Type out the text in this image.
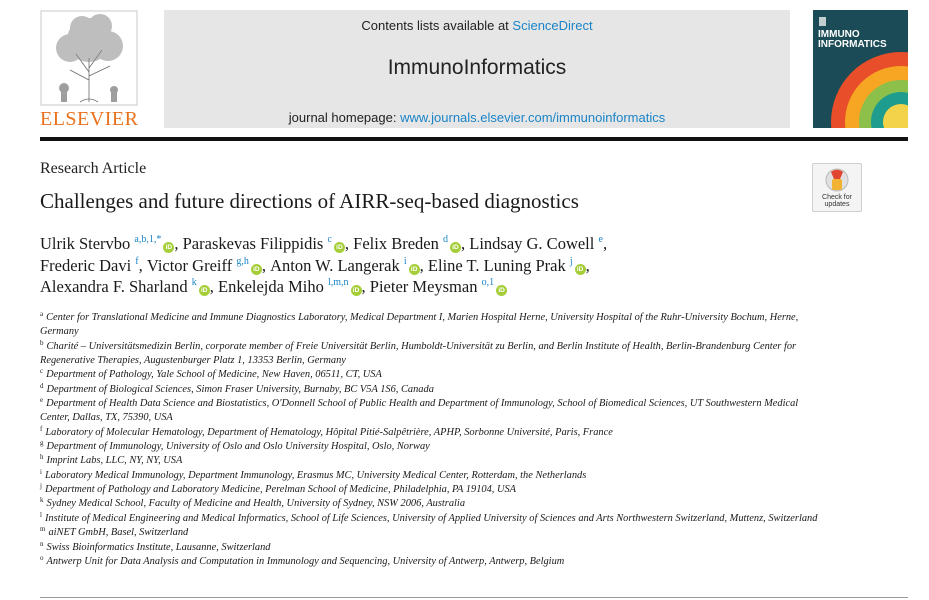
ELSEVIER
Contents lists available at ScienceDirect
ImmunoInformatics
journal homepage: www.journals.elsevier.com/immunoinformatics
IMMUNO
INFORMATICS
Research Article
Check for
updates
Challenges and future directions of AIRR-seq-based diagnostics
Ulrik Stervbo $^{a,b,1,*}$iD , Paraskevas Filippidis $^c$iD , Felix Breden $^d$iD , Lindsay G. Cowell $^e$,
Frederic Davi $^f$, Victor Greiff $^{g,h}$iD , Anton W. Langerak $^i$iD , Eline T. Luning Prak $^j$iD ,
Alexandra F. Sharland $^k$iD , Enkelejda Miho $^{l,m,n}$iD , Pieter Meysman $^{o,1}$iD
$^a$ Center for Translational Medicine and Immune Diagnostics Laboratory, Medical Department I, Marien Hospital Herne, University Hospital of the Ruhr-University Bochum, Herne, Germany
$^b$ Charité – Universitätsmedizin Berlin, corporate member of Freie Universität Berlin, Humboldt-Universität zu Berlin, and Berlin Institute of Health, Berlin-Brandenburg Center for Regenerative Therapies, Augustenburger Platz 1, 13353 Berlin, Germany
$^c$ Department of Pathology, Yale School of Medicine, New Haven, 06511, CT, USA
$^d$ Department of Biological Sciences, Simon Fraser University, Burnaby, BC V5A 1S6, Canada
$^e$ Department of Health Data Science and Biostatistics, O'Donnell School of Public Health and Department of Immunology, School of Biomedical Sciences, UT Southwestern Medical Center, Dallas, TX, 75390, USA
$^f$ Laboratory of Molecular Hematology, Department of Hematology, Hôpital Pitié-Salpêtrière, APHP, Sorbonne Université, Paris, France
$^g$ Department of Immunology, University of Oslo and Oslo University Hospital, Oslo, Norway
$^h$ Imprint Labs, LLC, NY, NY, USA
$^i$ Laboratory Medical Immunology, Department Immunology, Erasmus MC, University Medical Center, Rotterdam, the Netherlands
$^j$ Department of Pathology and Laboratory Medicine, Perelman School of Medicine, Philadelphia, PA 19104, USA
$^k$ Sydney Medical School, Faculty of Medicine and Health, University of Sydney, NSW 2006, Australia
$^l$ Institute of Medical Engineering and Medical Informatics, School of Life Sciences, University of Applied University of Sciences and Arts Northwestern Switzerland, Muttenz, Switzerland
$^m$ aiNET GmbH, Basel, Switzerland
$^n$ Swiss Bioinformatics Institute, Lausanne, Switzerland
$^o$ Antwerp Unit for Data Analysis and Computation in Immunology and Sequencing, University of Antwerp, Antwerp, Belgium
